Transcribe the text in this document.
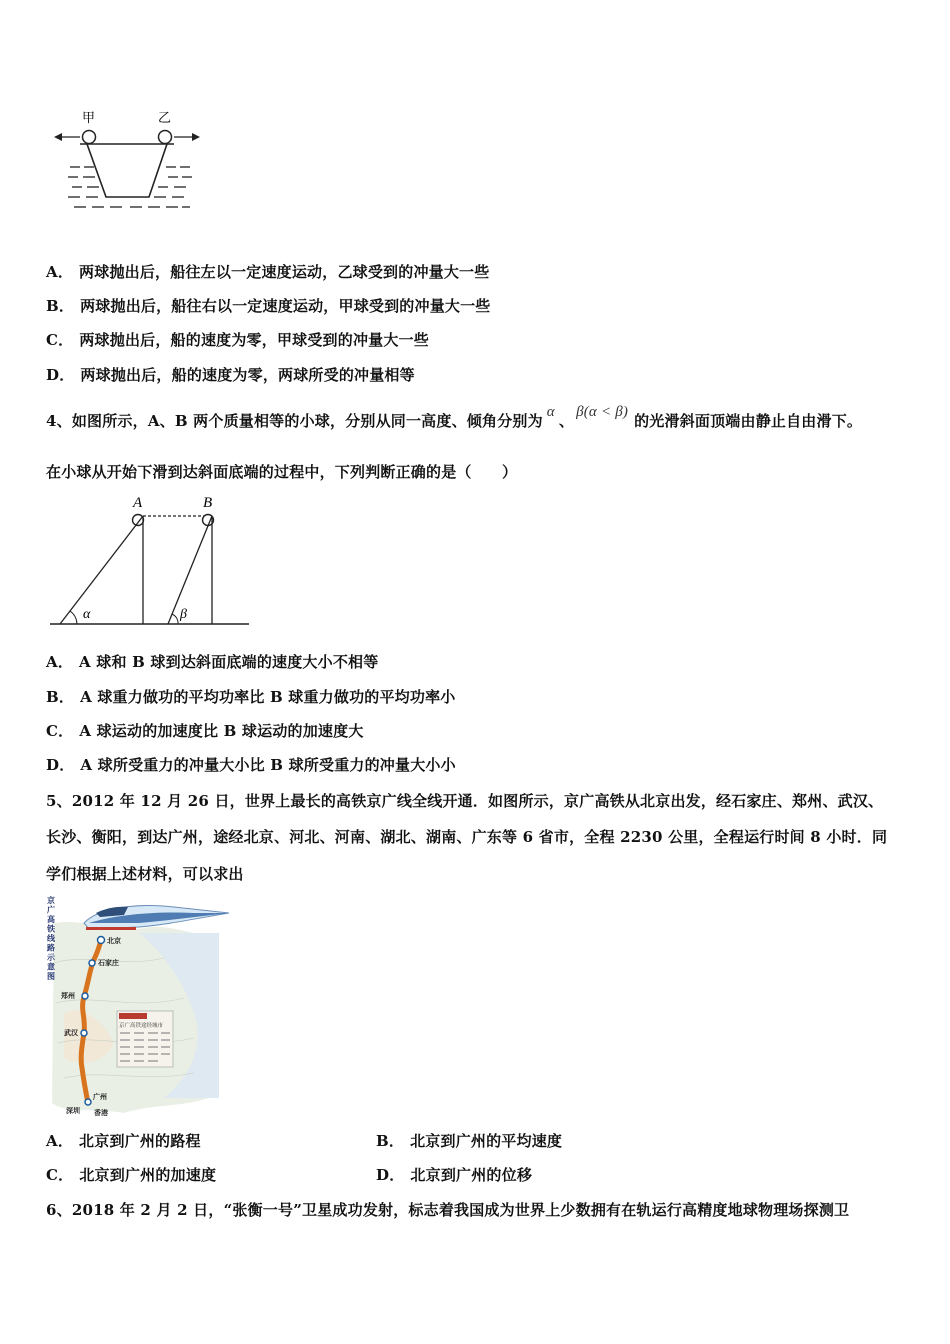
甲	乙
A． 两球抛出后，船往左以一定速度运动，乙球受到的冲量大一些
B． 两球抛出后，船往右以一定速度运动，甲球受到的冲量大一些
C． 两球抛出后，船的速度为零，甲球受到的冲量大一些
D． 两球抛出后，船的速度为零，两球所受的冲量相等
4、如图所示，A、B 两个质量相等的小球，分别从同一高度、倾角分别为 α 、 β(α < β) 的光滑斜面顶端由静止自由滑下。
在小球从开始下滑到达斜面底端的过程中，下列判断正确的是（　　）
A	B
α	β
A． A 球和 B 球到达斜面底端的速度大小不相等
B． A 球重力做功的平均功率比 B 球重力做功的平均功率小
C． A 球运动的加速度比 B 球运动的加速度大
D． A 球所受重力的冲量大小比 B 球所受重力的冲量大小小
5、2012 年 12 月 26 日，世界上最长的高铁京广线全线开通．如图所示，京广高铁从北京出发，经石家庄、郑州、武汉、
长沙、衡阳，到达广州，途经北京、河北、河南、湖北、湖南、广东等 6 省市，全程 2230 公里，全程运行时间 8 小时．同
学们根据上述材料，可以求出
京广高铁线路示意图
北京
石家庄
郑州
武汉
广州
深圳 香港
京广高铁途经城市
A． 北京到广州的路程	B． 北京到广州的平均速度
C． 北京到广州的加速度	D． 北京到广州的位移
6、2018 年 2 月 2 日，“张衡一号”卫星成功发射，标志着我国成为世界上少数拥有在轨运行高精度地球物理场探测卫
